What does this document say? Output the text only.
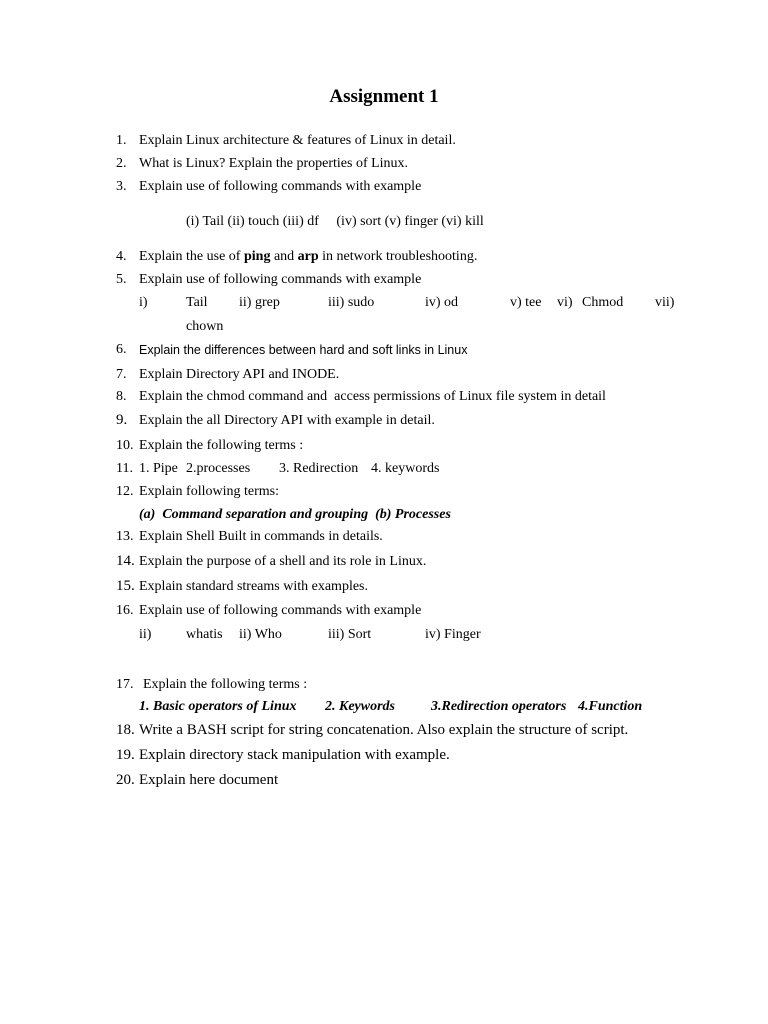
Assignment 1
1. Explain Linux architecture & features of Linux in detail.
2. What is Linux? Explain the properties of Linux.
3. Explain use of following commands with example
(i) Tail (ii) touch (iii) df     (iv) sort (v) finger (vi) kill
4. Explain the use of ping and arp in network troubleshooting.
5. Explain use of following commands with example
i)	Tail ii) grep	iii) sudo	iv) od	v) tee vi) Chmod vii)
chown
6. Explain the differences between hard and soft links in Linux
7. Explain Directory API and INODE.
8. Explain the chmod command and  access permissions of Linux file system in detail
9. Explain the all Directory API with example in detail.
10. Explain the following terms :
11. 1. Pipe 2.processes 3. Redirection 4. keywords
12. Explain following terms:
(a)  Command separation and grouping  (b) Processes
13. Explain Shell Built in commands in details.
14. Explain the purpose of a shell and its role in Linux.
15. Explain standard streams with examples.
16. Explain use of following commands with example
ii) whatis ii) Who	iii) Sort	iv) Finger
17. Explain the following terms :
1. Basic operators of Linux 2. Keywords	3.Redirection operators 4.Function
18. Write a BASH script for string concatenation. Also explain the structure of script.
19. Explain directory stack manipulation with example.
20. Explain here document
